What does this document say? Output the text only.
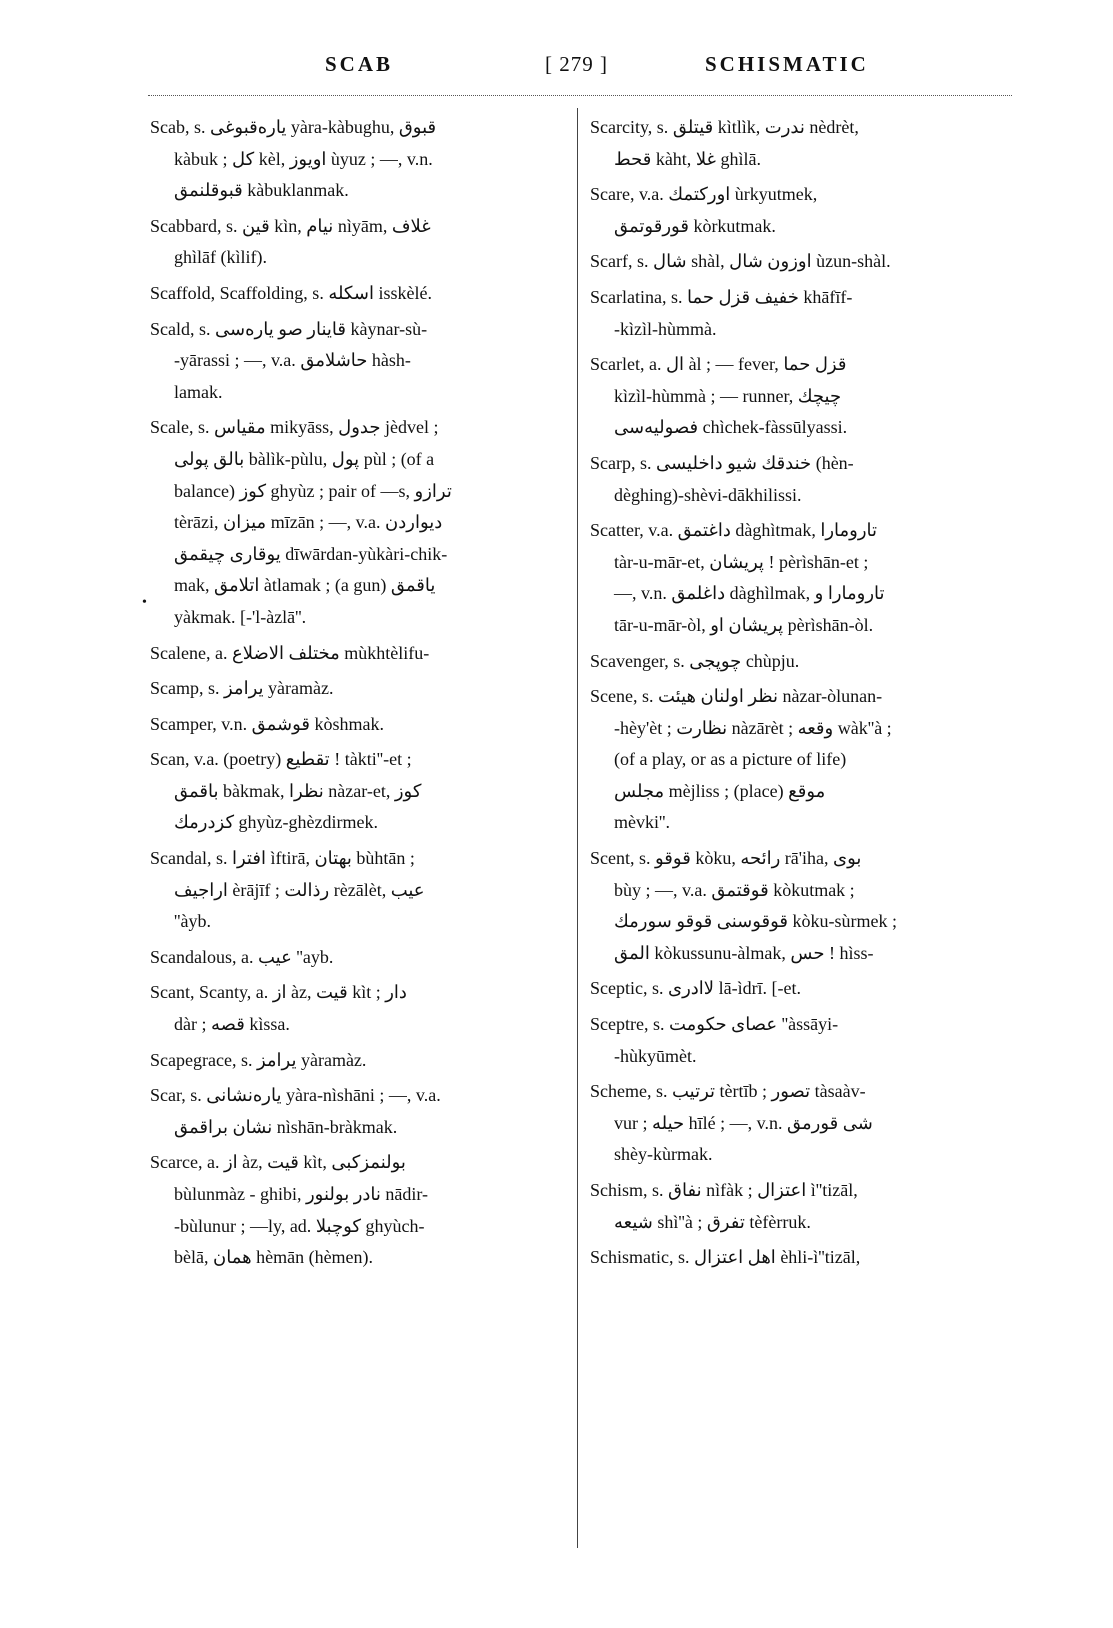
SCAB	[ 279 ]	SCHISMATIC
•
Scab, s. یاره‌قبوغی yàra-kàbughu, قبوق
kàbuk ; کل kèl, اویوز ùyuz ; —, v.n.
قبوقلنمق kàbuklanmak.
Scabbard, s. قین kìn, نیام nìyām, غلاف
ghìlāf (kìlif).
Scaffold, Scaffolding, s. اسکله isskèlé.
Scald, s. قاینار صو یاره‌سی kàynar-sù-
-yārassi ; —, v.a. حاشلامق hàsh-
lamak.
Scale, s. مقیاس mikyāss, جدول jèdvel ;
بالق پولی bàlìk-pùlu, پول pùl ; (of a
balance) کوز ghyùz ; pair of —s, ترازو
tèrāzi, میزان mīzān ; —, v.a. دیواردن
یوقاری چیقمق dīwārdan-yùkàri-chik-
mak, اتلامق àtlamak ; (a gun) یاقمق
yàkmak. [-'l-àzlā''.
Scalene, a. مختلف الاضلاع mùkhtèlifu-
Scamp, s. یرامز yàramàz.
Scamper, v.n. قوشمق kòshmak.
Scan, v.a. (poetry) تقطیع ! tàkti''-et ;
باقمق bàkmak, نظرا nàzar-et, کوز
کزدرمك ghyùz-ghèzdirmek.
Scandal, s. افترا ìftirā, بهتان bùhtān ;
اراجیف èrājīf ; رذالت rèzālèt, عیب
''àyb.
Scandalous, a. عیب ''ayb.
Scant, Scanty, a. از àz, قیت kìt ; دار
dàr ; قصه kìssa.
Scapegrace, s. یرامز yàramàz.
Scar, s. یاره‌نشانی yàra-nìshāni ; —, v.a.
نشان براقمق nìshān-bràkmak.
Scarce, a. از àz, قیت kìt, بولنمزکبی
bùlunmàz - ghibi, نادر بولنور nādir-
-bùlunur ; —ly, ad. کوچبلا ghyùch-
bèlā, همان hèmān (hèmen).
Scarcity, s. قیتلق kìtlìk, ندرت nèdrèt,
قحط kàht, غلا ghìlā.
Scare, v.a. اورکتمك ùrkyutmek,
قورقوتمق kòrkutmak.
Scarf, s. شال shàl, اوزون شال ùzun-shàl.
Scarlatina, s. خفیف قزل حما khāfīf-
-kìzìl-hùmmà.
Scarlet, a. ال àl ; — fever, قزل حما
kìzìl-hùmmà ; — runner, چیچك
فصولیه‌سی chìchek-fàssūlyassi.
Scarp, s. خندقك شیو داخلیسی (hèn-
dèghing)-shèvi-dākhilissi.
Scatter, v.a. داغتمق dàghìtmak, تارومارا
tàr-u-mār-et, پریشان ! pèrìshān-et ;
—, v.n. داغلمق dàghìlmak, تارومارا و
tār-u-mār-òl, پریشان او pèrìshān-òl.
Scavenger, s. چوپجی chùpju.
Scene, s. نظر اولنان هیئت nàzar-òlunan-
-hèy'èt ; نظارت nàzārèt ; وقعه wàk''à ;
(of a play, or as a picture of life)
مجلس mèjliss ; (place) موقع
mèvki''.
Scent, s. قوقو kòku, رائحه rā'iha, بوی
bùy ; —, v.a. قوقتمق kòkutmak ;
قوقوسنی قوقو سورمك kòku-sùrmek ;
المق kòkussunu-àlmak, حس ! hìss-
Sceptic, s. لاادری lā-ìdrī. [-et.
Sceptre, s. عصای حکومت ''àssāyi-
-hùkyūmèt.
Scheme, s. ترتیب tèrtīb ; تصور tàsaàv-
vur ; حیله hīlé ; —, v.n. شی قورمق
shèy-kùrmak.
Schism, s. نفاق nìfàk ; اعتزال ì''tizāl,
شیعه shì''à ; تفرق tèfèrruk.
Schismatic, s. اهل اعتزال èhli-ì''tizāl,
